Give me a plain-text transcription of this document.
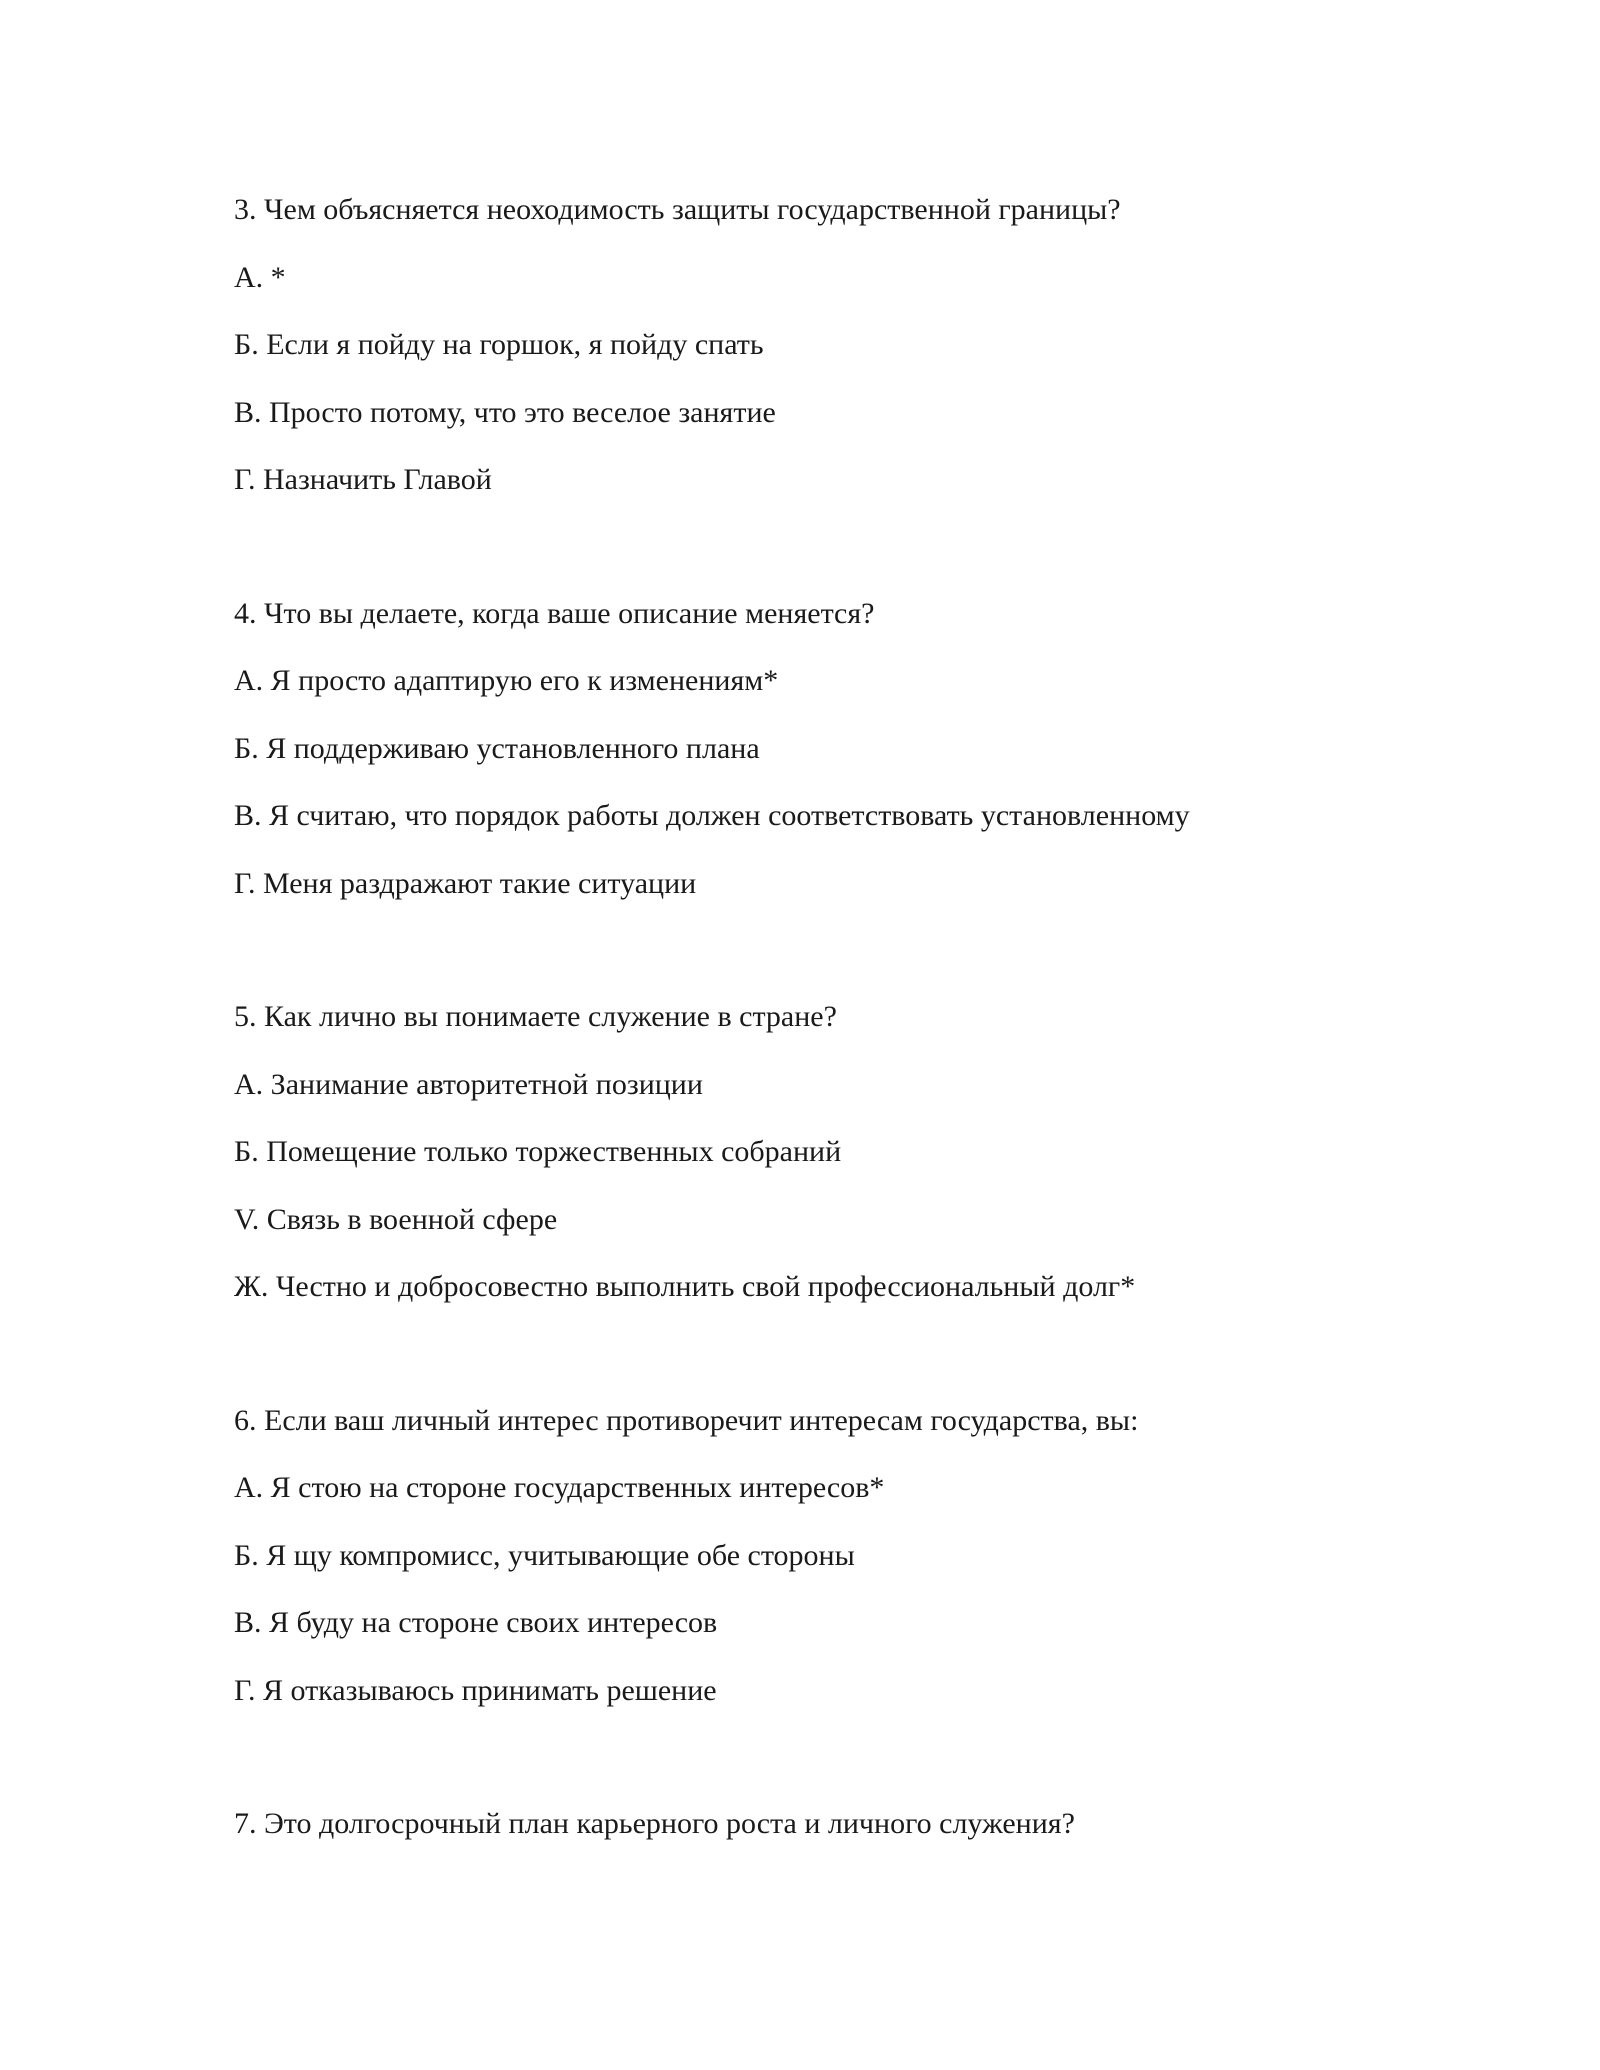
3. Чем объясняется неоходимость защиты государственной границы?

А. *

Б. Если я пойду на горшок, я пойду спать

В. Просто потому, что это веселое занятие

Г. Назначить Главой

4. Что вы делаете, когда ваше описание меняется?

А. Я просто адаптирую его к изменениям*

Б. Я поддерживаю установленного плана

В. Я считаю, что порядок работы должен соответствовать установленному

Г. Меня раздражают такие ситуации

5. Как лично вы понимаете служение в стране?

А. Занимание авторитетной позиции

Б. Помещение только торжественных собраний

V. Связь в военной сфере

Ж. Честно и добросовестно выполнить свой профессиональный долг*

6. Если ваш личный интерес противоречит интересам государства, вы:

А. Я стою на стороне государственных интересов*

Б. Я щу компромисс, учитывающие обе стороны

В. Я буду на стороне своих интересов

Г. Я отказываюсь принимать решение

7. Это долгосрочный план карьерного роста и личного служения?
